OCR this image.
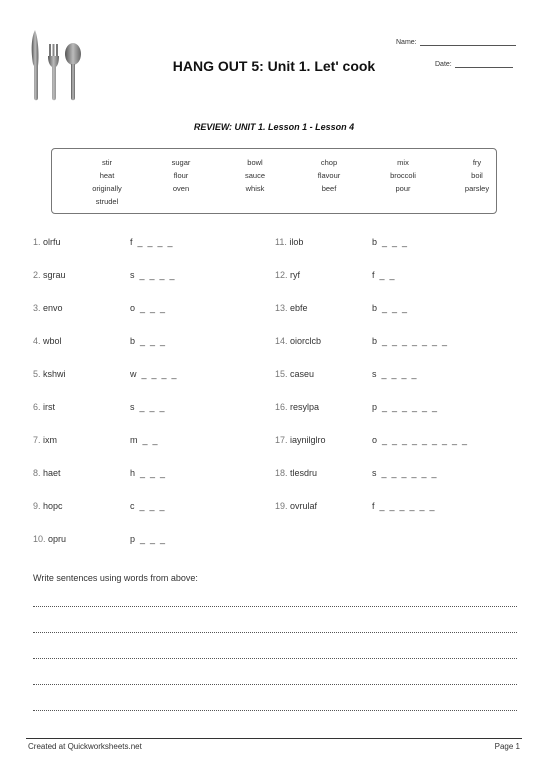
Name:
Date:
HANG OUT 5: Unit 1. Let' cook
REVIEW: UNIT 1. Lesson 1 - Lesson 4
stir	sugar	bowl	chop	mix	fry
heat	flour	sauce	flavour	broccoli	boil
originally	oven	whisk	beef	pour	parsley
strudel
1. olrfu	f  _  _  _  _
2. sgrau	s  _  _  _  _
3. envo	o  _  _  _
4. wbol	b  _  _  _
5. kshwi	w  _  _  _  _
6. irst	s  _  _  _
7. ixm	m  _  _
8. haet	h  _  _  _
9. hopc	c  _  _  _
10. opru	p  _  _  _
11. ilob	b  _  _  _
12. ryf	f  _  _
13. ebfe	b  _  _  _
14. oiorclcb	b  _  _  _  _  _  _  _
15. caseu	s  _  _  _  _
16. resylpa	p  _  _  _  _  _  _
17. iaynilglro	o  _  _  _  _  _  _  _  _  _
18. tlesdru	s  _  _  _  _  _  _
19. ovrulaf	f  _  _  _  _  _  _
Write sentences using words from above:
Created at Quickworksheets.net	Page 1
